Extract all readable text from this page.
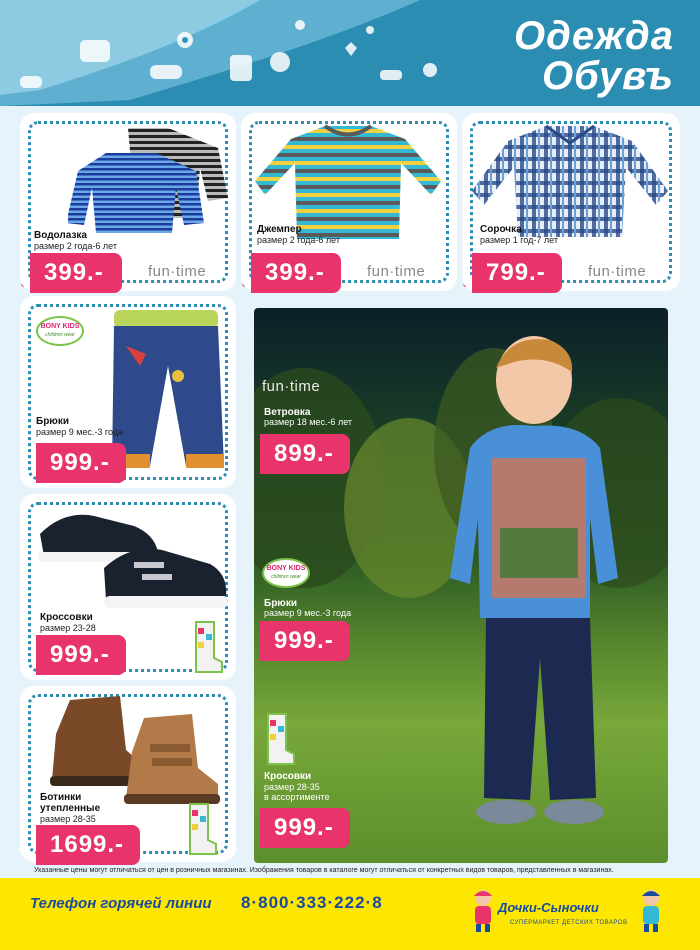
Одежда
Обувъ
Водолазка
размер 2 года-6 лет
399.-	fun·time
Джемпер
размер 2 года-6 лет
399.-	fun·time
Сорочка
размер 1 год-7 лет
799.-	fun·time
BONY KIDS
children wear
Брюки
размер 9 мес.-3 года
999.-
Кроссовки
размер 23-28
999.-
Ботинки
утепленные
размер 28-35
1699.-
fun·time
Ветровка
размер 18 мес.-6 лет
899.-
BONY KIDS
children wear
Брюки
размер 9 мес.-3 года
999.-
Кросовки
размер 28-35
в ассортименте
999.-
Указанные цены могут отличаться от цен в розничных магазинах. Изображения товаров в каталоге могут отличаться от конкретных видов товаров, представленных в магазинах.
Телефон горячей линии 8·800·333·222·8	Дочки-Сыночки
СУПЕРМАРКЕТ ДЕТСКИХ ТОВАРОВ
